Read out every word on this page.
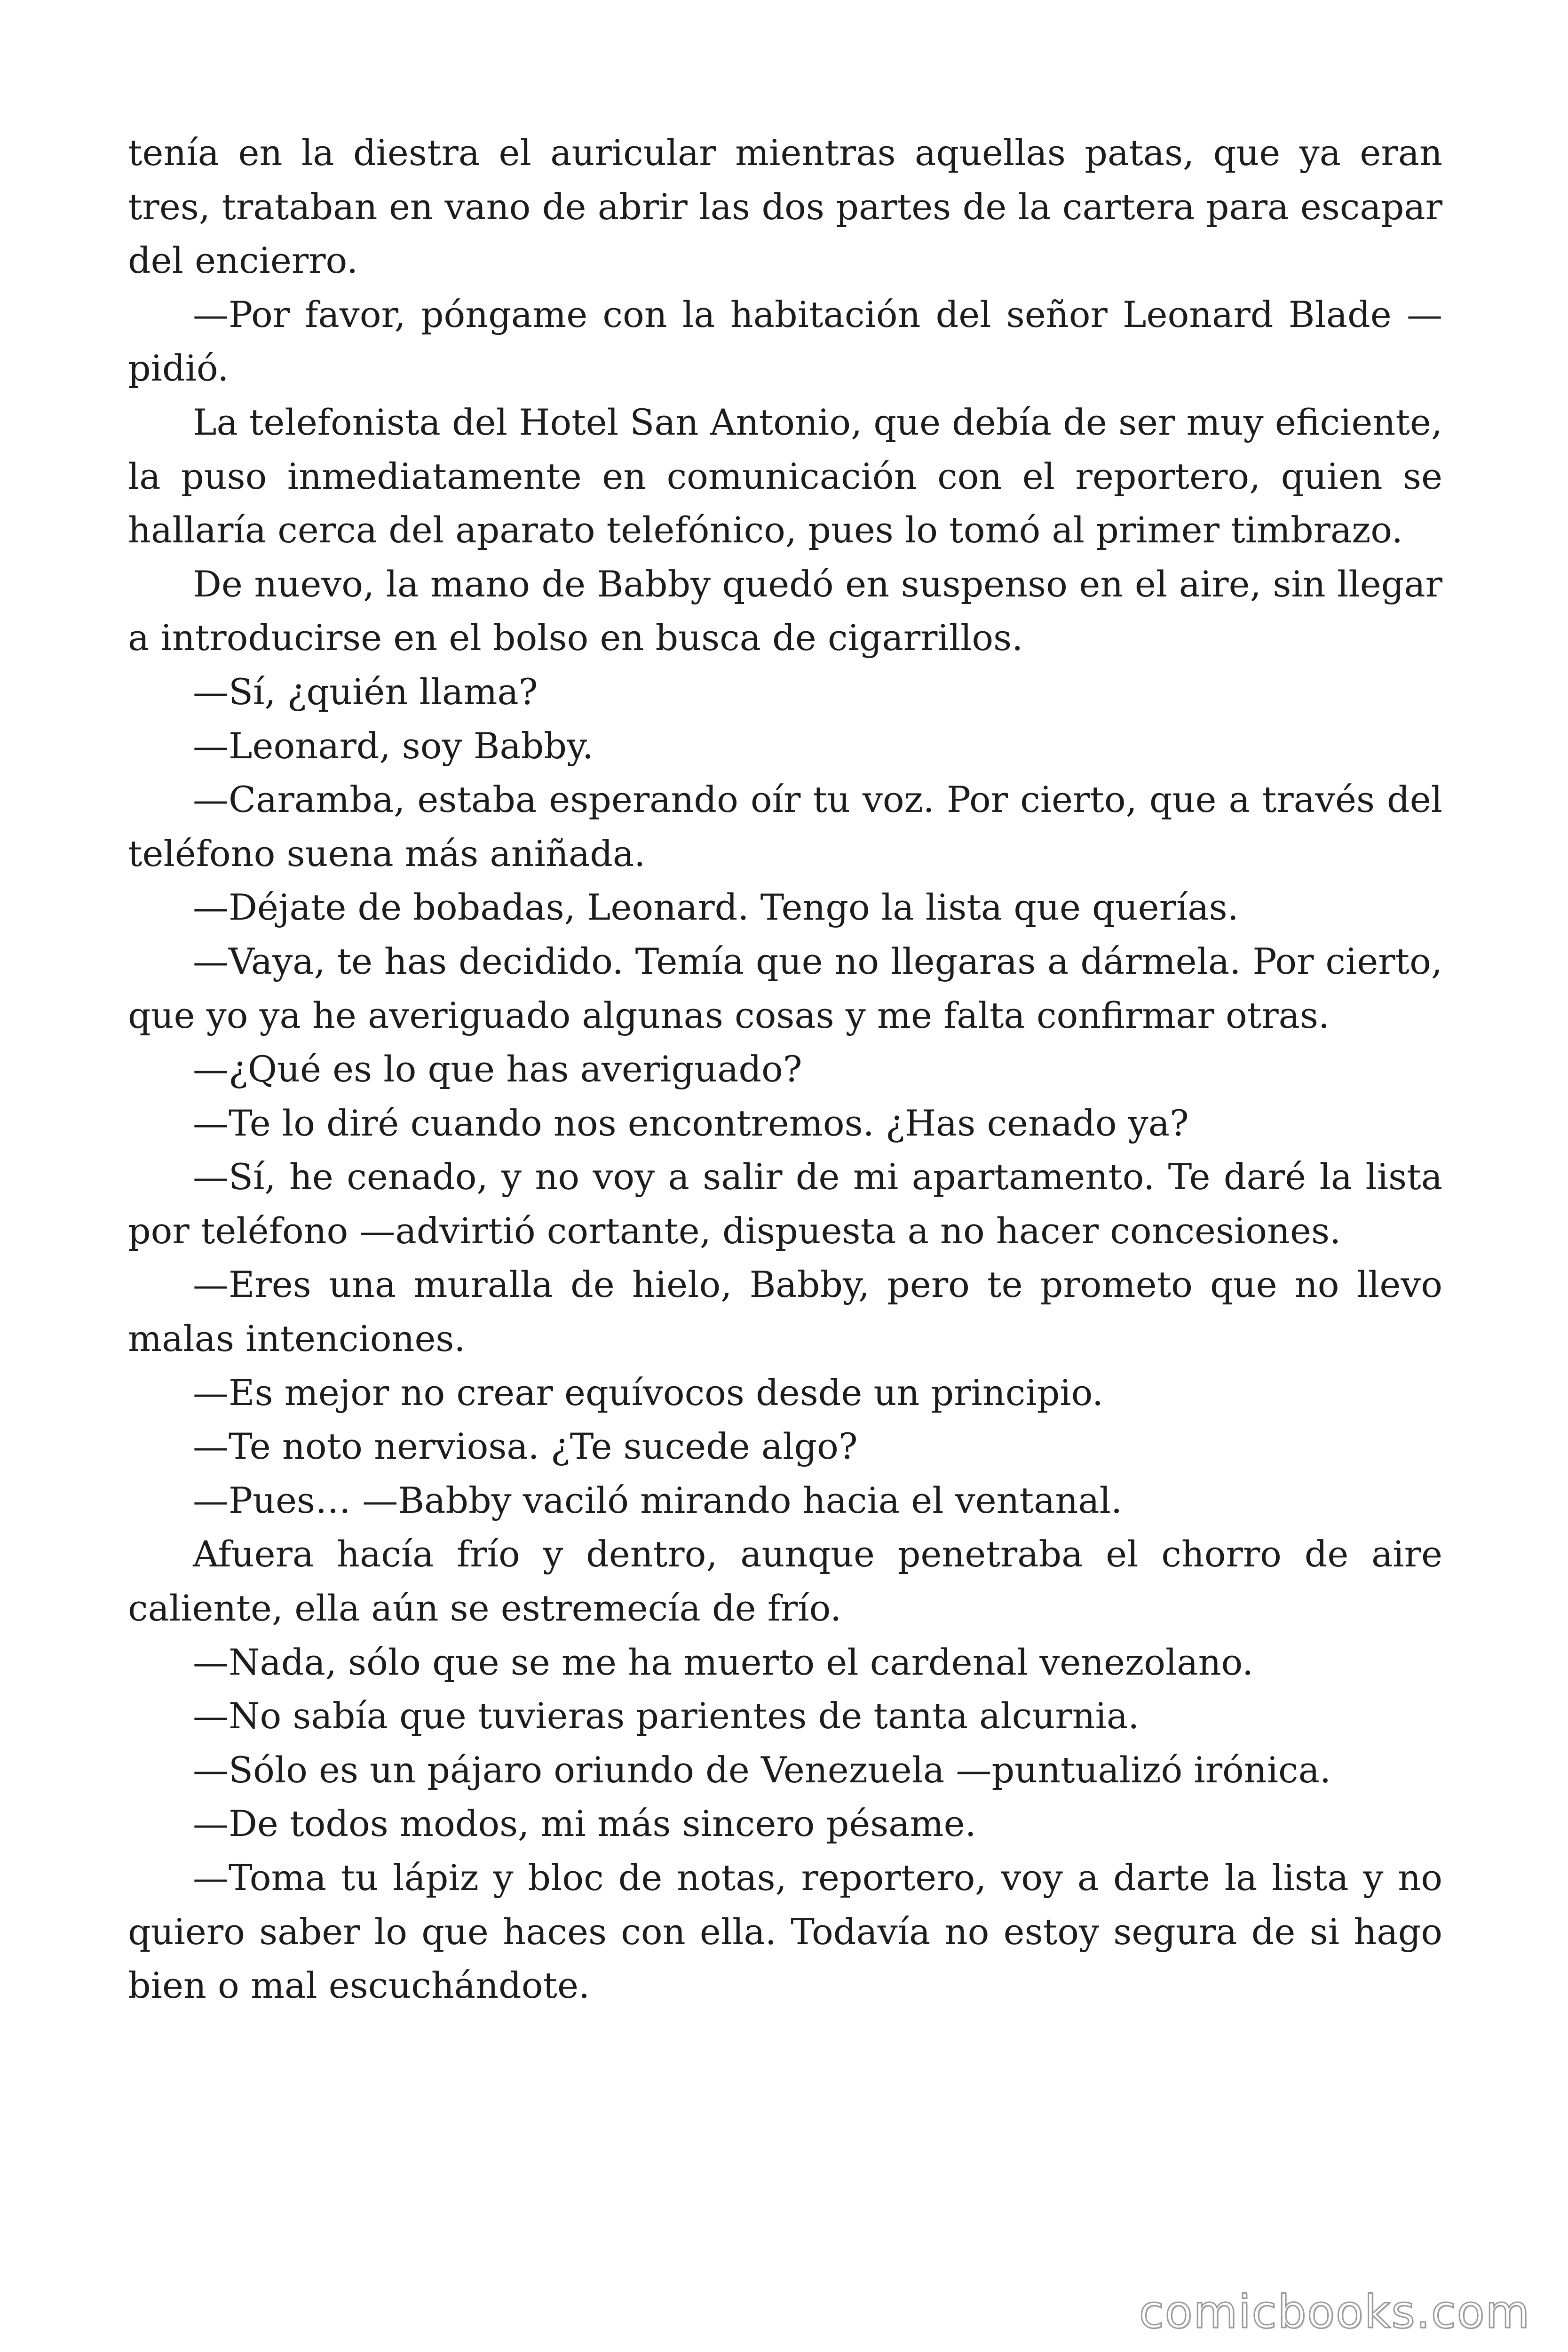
tenía en la diestra el auricular mientras aquellas patas, que ya eran tres, trataban en vano de abrir las dos partes de la cartera para escapar del encierro.

—Por favor, póngame con la habitación del señor Leonard Blade —pidió.

La telefonista del Hotel San Antonio, que debía de ser muy eficiente, la puso inmediatamente en comunicación con el reportero, quien se hallaría cerca del aparato telefónico, pues lo tomó al primer timbrazo.

De nuevo, la mano de Babby quedó en suspenso en el aire, sin llegar a introducirse en el bolso en busca de cigarrillos.

—Sí, ¿quién llama?

—Leonard, soy Babby.

—Caramba, estaba esperando oír tu voz. Por cierto, que a través del teléfono suena más aniñada.

—Déjate de bobadas, Leonard. Tengo la lista que querías.

—Vaya, te has decidido. Temía que no llegaras a dármela. Por cierto, que yo ya he averiguado algunas cosas y me falta confirmar otras.

—¿Qué es lo que has averiguado?

—Te lo diré cuando nos encontremos. ¿Has cenado ya?

—Sí, he cenado, y no voy a salir de mi apartamento. Te daré la lista por teléfono —advirtió cortante, dispuesta a no hacer concesiones.

—Eres una muralla de hielo, Babby, pero te prometo que no llevo malas intenciones.

—Es mejor no crear equívocos desde un principio.

—Te noto nerviosa. ¿Te sucede algo?

—Pues… —Babby vaciló mirando hacia el ventanal.

Afuera hacía frío y dentro, aunque penetraba el chorro de aire caliente, ella aún se estremecía de frío.

—Nada, sólo que se me ha muerto el cardenal venezolano.

—No sabía que tuvieras parientes de tanta alcurnia.

—Sólo es un pájaro oriundo de Venezuela —puntualizó irónica.

—De todos modos, mi más sincero pésame.

—Toma tu lápiz y bloc de notas, reportero, voy a darte la lista y no quiero saber lo que haces con ella. Todavía no estoy segura de si hago bien o mal escuchándote.

comicbooks.com
